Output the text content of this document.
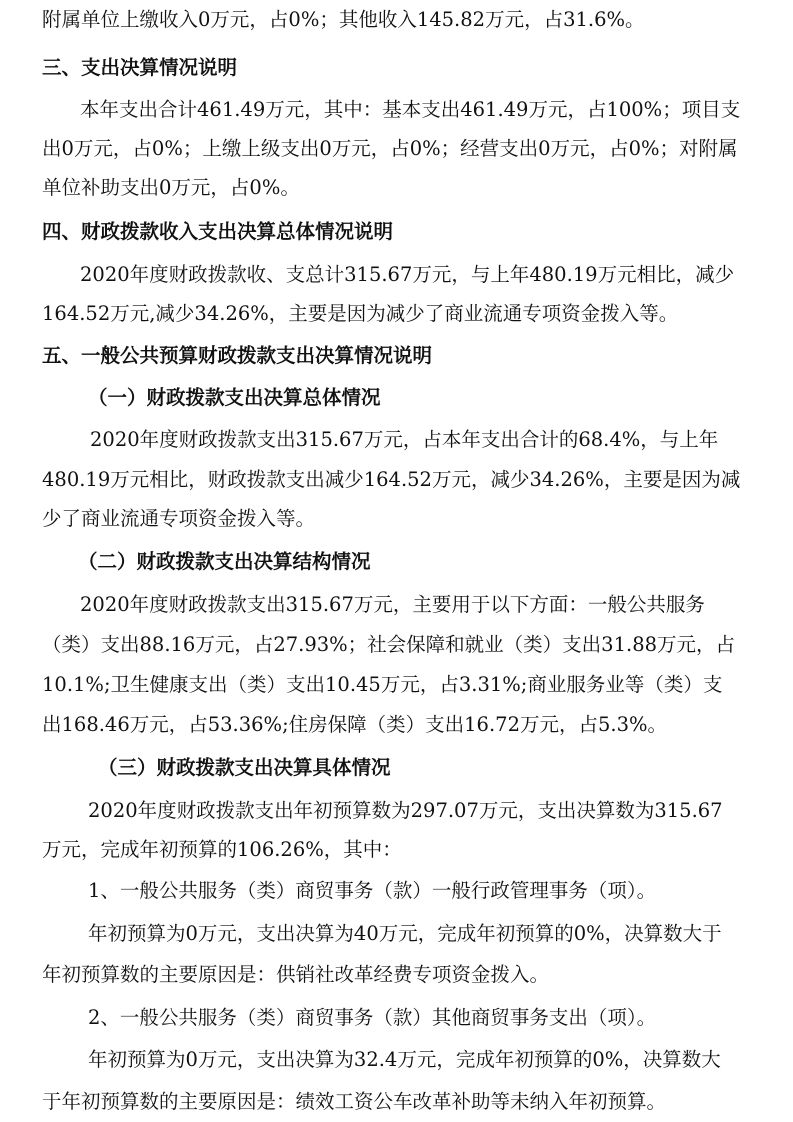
附属单位上缴收入0万元，占0%；其他收入145.82万元，占31.6%。
三、支出决算情况说明
本年支出合计461.49万元，其中：基本支出461.49万元，占100%；项目支
出0万元，占0%；上缴上级支出0万元，占0%；经营支出0万元，占0%；对附属
单位补助支出0万元，占0%。
四、财政拨款收入支出决算总体情况说明
2020年度财政拨款收、支总计315.67万元，与上年480.19万元相比，减少
164.52万元,减少34.26%，主要是因为减少了商业流通专项资金拨入等。
五、一般公共预算财政拨款支出决算情况说明
（一）财政拨款支出决算总体情况
2020年度财政拨款支出315.67万元，占本年支出合计的68.4%，与上年
480.19万元相比，财政拨款支出减少164.52万元，减少34.26%，主要是因为减
少了商业流通专项资金拨入等。
（二）财政拨款支出决算结构情况
2020年度财政拨款支出315.67万元，主要用于以下方面：一般公共服务
（类）支出88.16万元，占27.93%；社会保障和就业（类）支出31.88万元，占
10.1%;卫生健康支出（类）支出10.45万元，占3.31%;商业服务业等（类）支
出168.46万元，占53.36%;住房保障（类）支出16.72万元，占5.3%。
（三）财政拨款支出决算具体情况
2020年度财政拨款支出年初预算数为297.07万元，支出决算数为315.67
万元，完成年初预算的106.26%，其中：
1、一般公共服务（类）商贸事务（款）一般行政管理事务（项）。
年初预算为0万元，支出决算为40万元，完成年初预算的0%，决算数大于
年初预算数的主要原因是：供销社改革经费专项资金拨入。
2、一般公共服务（类）商贸事务（款）其他商贸事务支出（项）。
年初预算为0万元，支出决算为32.4万元，完成年初预算的0%，决算数大
于年初预算数的主要原因是：绩效工资公车改革补助等未纳入年初预算。
